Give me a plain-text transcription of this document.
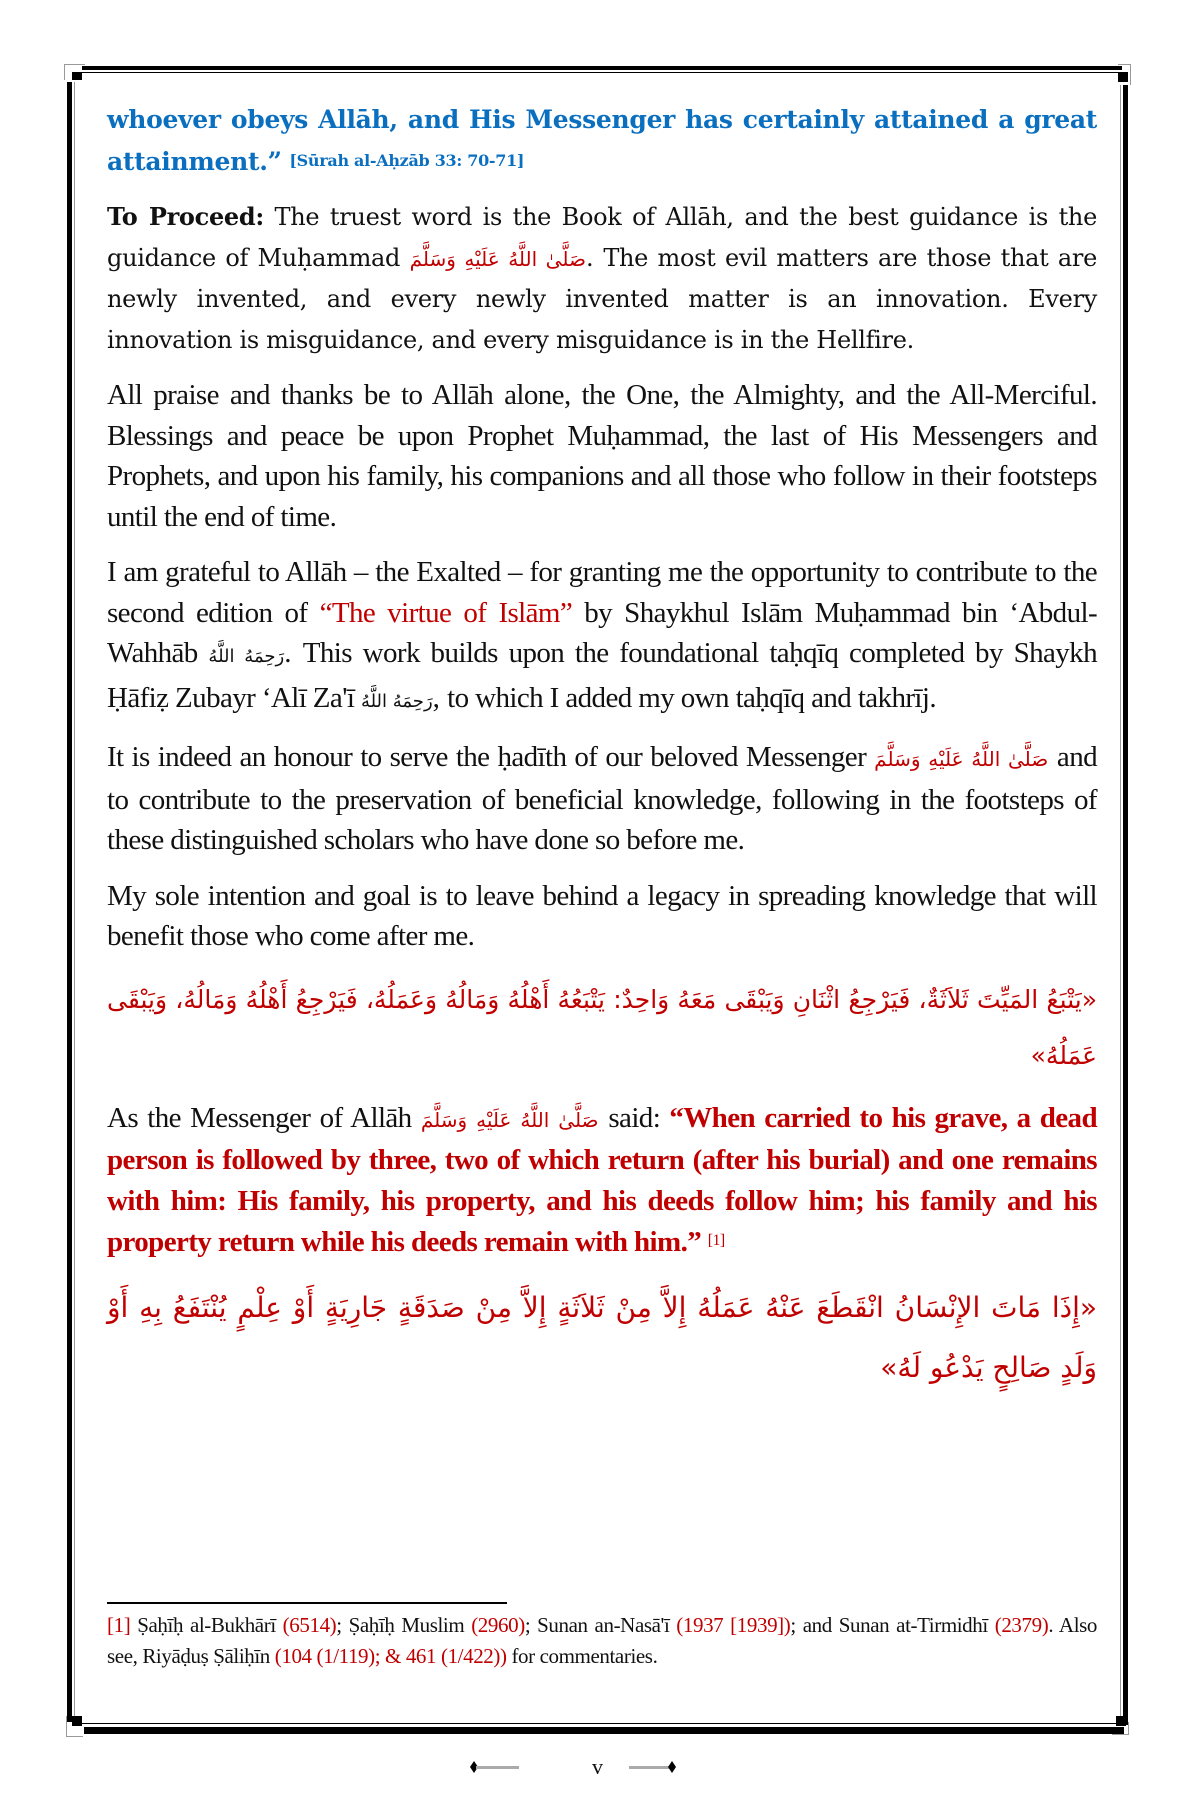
whoever obeys Allāh, and His Messenger has certainly attained a great attainment.” [Sūrah al-Aḥzāb 33: 70-71]

To Proceed: The truest word is the Book of Allāh, and the best guidance is the guidance of Muḥammad صَلَّىٰ اللَّهُ عَلَيْهِ وَسَلَّمَ. The most evil matters are those that are newly invented, and every newly invented matter is an innovation. Every innovation is misguidance, and every misguidance is in the Hellfire.

All praise and thanks be to Allāh alone, the One, the Almighty, and the All-Merciful. Blessings and peace be upon Prophet Muḥammad, the last of His Messengers and Prophets, and upon his family, his companions and all those who follow in their footsteps until the end of time.

I am grateful to Allāh – the Exalted – for granting me the opportunity to contribute to the second edition of “The virtue of Islām” by Shaykhul Islām Muḥammad bin ‘Abdul-Wahhāb رَحِمَهُ اللَّهُ. This work builds upon the foundational taḥqīq completed by Shaykh Ḥāfiẓ Zubayr ‘Alī Za'ī رَحِمَهُ اللَّهُ, to which I added my own taḥqīq and takhrīj.

It is indeed an honour to serve the ḥadīth of our beloved Messenger صَلَّىٰ اللَّهُ عَلَيْهِ وَسَلَّمَ and to contribute to the preservation of beneficial knowledge, following in the footsteps of these distinguished scholars who have done so before me.

My sole intention and goal is to leave behind a legacy in spreading knowledge that will benefit those who come after me.

«يَتْبَعُ المَيِّتَ ثَلاَثَةٌ، فَيَرْجِعُ اثْنَانِ وَيَبْقَى مَعَهُ وَاحِدٌ: يَتْبَعُهُ أَهْلُهُ وَمَالُهُ وَعَمَلُهُ، فَيَرْجِعُ أَهْلُهُ وَمَالُهُ، وَيَبْقَى عَمَلُهُ»

As the Messenger of Allāh صَلَّىٰ اللَّهُ عَلَيْهِ وَسَلَّمَ said: “When carried to his grave, a dead person is followed by three, two of which return (after his burial) and one remains with him: His family, his property, and his deeds follow him; his family and his property return while his deeds remain with him.” [1]

«إِذَا مَاتَ الإِنْسَانُ انْقَطَعَ عَنْهُ عَمَلُهُ إِلاَّ مِنْ ثَلاَثَةٍ إِلاَّ مِنْ صَدَقَةٍ جَارِيَةٍ أَوْ عِلْمٍ يُنْتَفَعُ بِهِ أَوْ وَلَدٍ صَالِحٍ يَدْعُو لَهُ»

[1] Ṣaḥīḥ al-Bukhārī (6514); Ṣaḥīḥ Muslim (2960); Sunan an-Nasā'ī (1937 [1939]); and Sunan at-Tirmidhī (2379). Also see, Riyāḍuṣ Ṣāliḥīn (104 (1/119); & 461 (1/422)) for commentaries.
v
